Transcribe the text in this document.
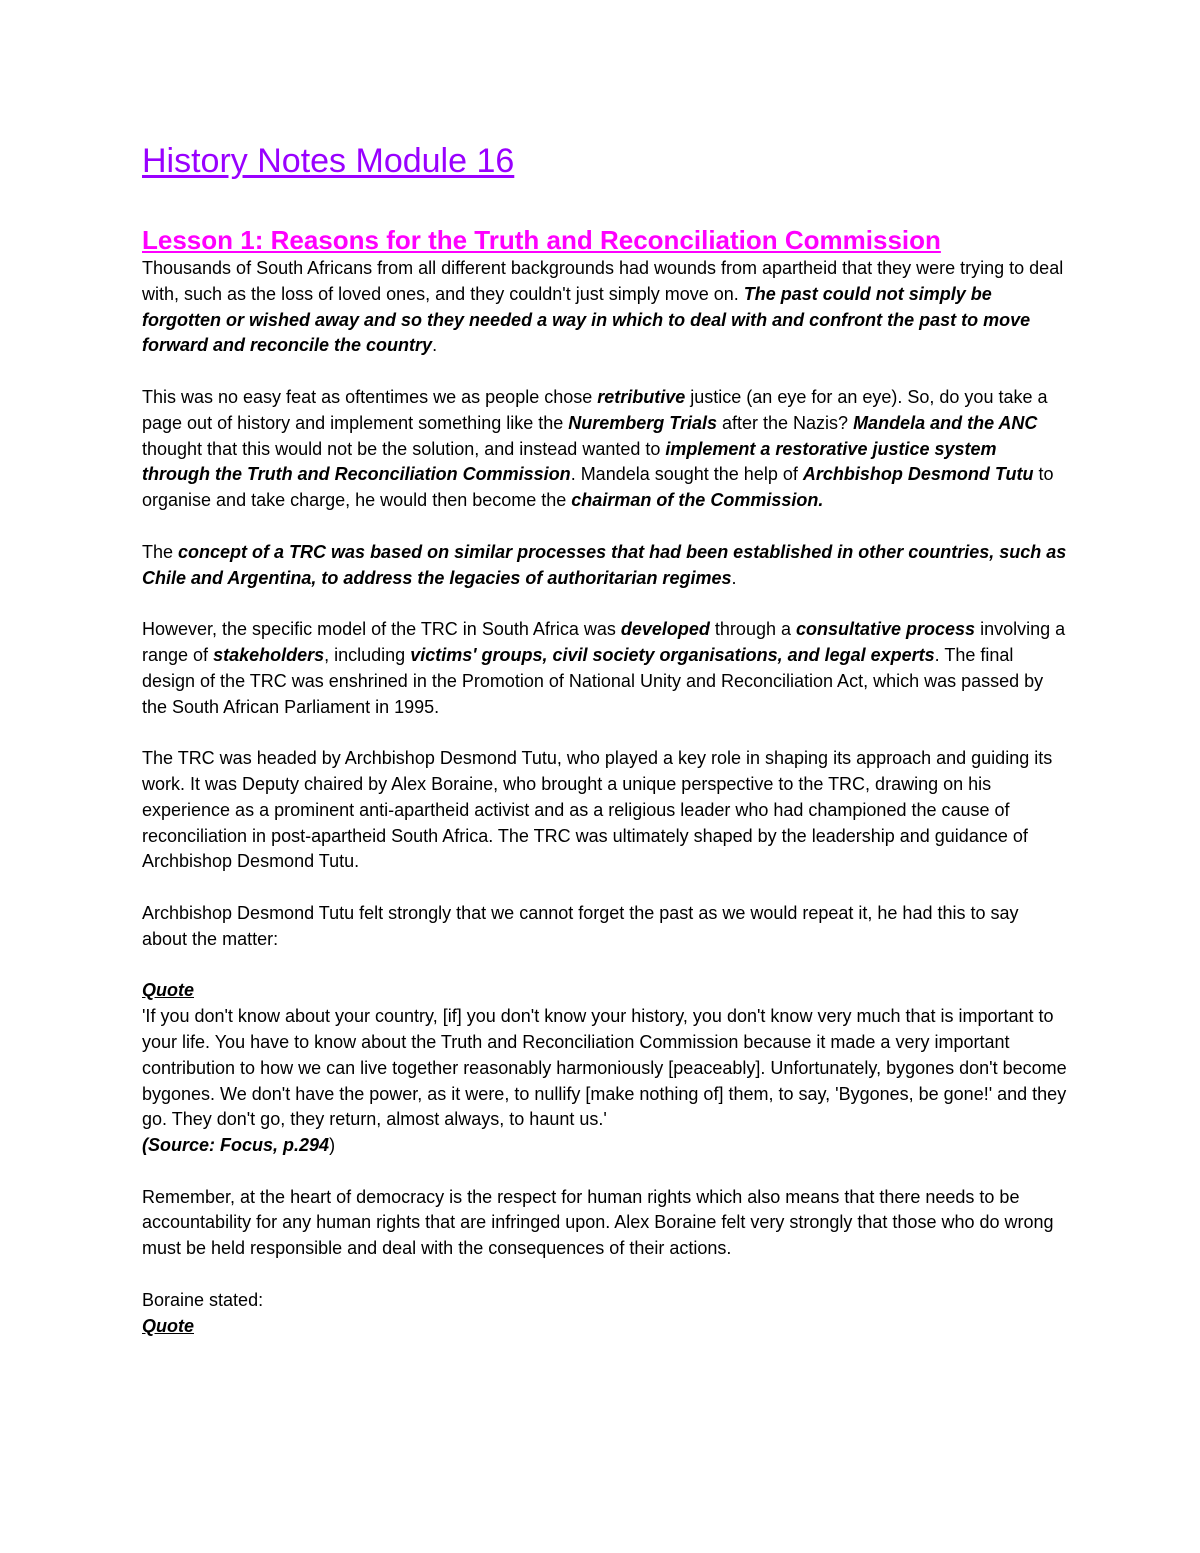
History Notes Module 16
Lesson 1: Reasons for the Truth and Reconciliation Commission

Thousands of South Africans from all different backgrounds had wounds from apartheid that they were trying to deal with, such as the loss of loved ones, and they couldn't just simply move on. The past could not simply be forgotten or wished away and so they needed a way in which to deal with and confront the past to move forward and reconcile the country.

This was no easy feat as oftentimes we as people chose retributive justice (an eye for an eye). So, do you take a page out of history and implement something like the Nuremberg Trials after the Nazis? Mandela and the ANC thought that this would not be the solution, and instead wanted to implement a restorative justice system through the Truth and Reconciliation Commission. Mandela sought the help of Archbishop Desmond Tutu to organise and take charge, he would then become the chairman of the Commission.

The concept of a TRC was based on similar processes that had been established in other countries, such as Chile and Argentina, to address the legacies of authoritarian regimes.

However, the specific model of the TRC in South Africa was developed through a consultative process involving a range of stakeholders, including victims' groups, civil society organisations, and legal experts. The final design of the TRC was enshrined in the Promotion of National Unity and Reconciliation Act, which was passed by the South African Parliament in 1995.

The TRC was headed by Archbishop Desmond Tutu, who played a key role in shaping its approach and guiding its work. It was Deputy chaired by Alex Boraine, who brought a unique perspective to the TRC, drawing on his experience as a prominent anti-apartheid activist and as a religious leader who had championed the cause of reconciliation in post-apartheid South Africa. The TRC was ultimately shaped by the leadership and guidance of Archbishop Desmond Tutu.

Archbishop Desmond Tutu felt strongly that we cannot forget the past as we would repeat it, he had this to say about the matter:

Quote

'If you don't know about your country, [if] you don't know your history, you don't know very much that is important to your life. You have to know about the Truth and Reconciliation Commission because it made a very important contribution to how we can live together reasonably harmoniously [peaceably]. Unfortunately, bygones don't become bygones. We don't have the power, as it were, to nullify [make nothing of] them, to say, 'Bygones, be gone!' and they go. They don't go, they return, almost always, to haunt us.'

(Source: Focus, p.294)

Remember, at the heart of democracy is the respect for human rights which also means that there needs to be accountability for any human rights that are infringed upon. Alex Boraine felt very strongly that those who do wrong must be held responsible and deal with the consequences of their actions.

Boraine stated:

Quote
